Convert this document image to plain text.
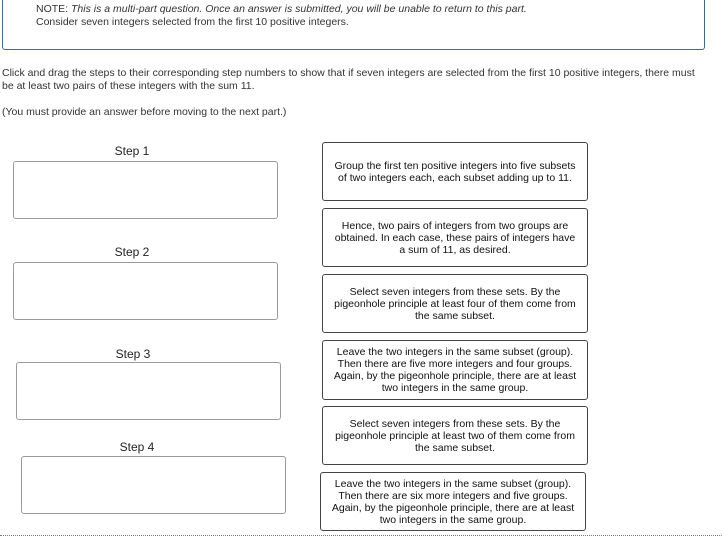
NOTE: This is a multi-part question. Once an answer is submitted, you will be unable to return to this part.
Consider seven integers selected from the first 10 positive integers.
Click and drag the steps to their corresponding step numbers to show that if seven integers are selected from the first 10 positive integers, there must be at least two pairs of these integers with the sum 11.
(You must provide an answer before moving to the next part.)
Step 1
Step 2
Step 3
Step 4
Group the first ten positive integers into five subsets of two integers each, each subset adding up to 11.
Hence, two pairs of integers from two groups are obtained. In each case, these pairs of integers have a sum of 11, as desired.
Select seven integers from these sets. By the pigeonhole principle at least four of them come from the same subset.
Leave the two integers in the same subset (group). Then there are five more integers and four groups. Again, by the pigeonhole principle, there are at least two integers in the same group.
Select seven integers from these sets. By the pigeonhole principle at least two of them come from the same subset.
Leave the two integers in the same subset (group). Then there are six more integers and five groups. Again, by the pigeonhole principle, there are at least two integers in the same group.
